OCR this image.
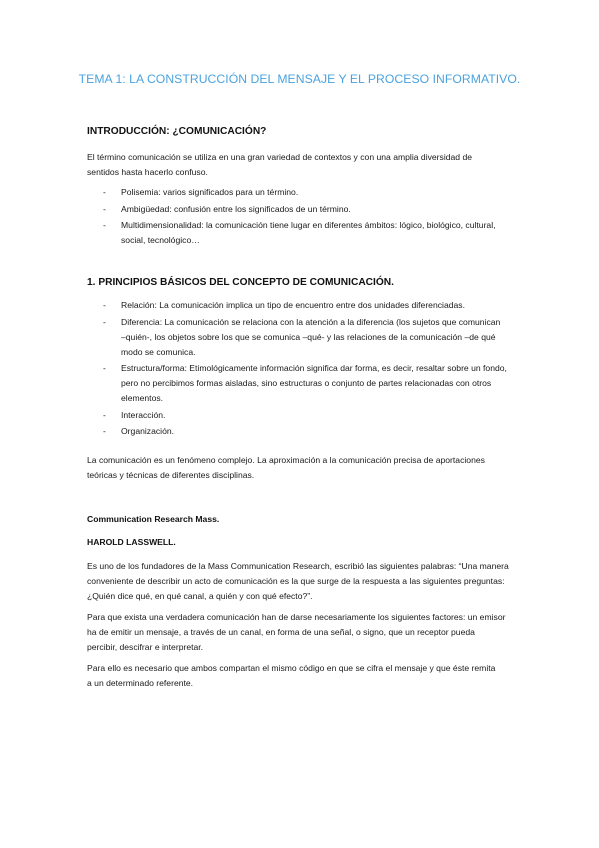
TEMA 1: LA CONSTRUCCIÓN DEL MENSAJE Y EL PROCESO INFORMATIVO.
INTRODUCCIÓN: ¿COMUNICACIÓN?
El término comunicación se utiliza en una gran variedad de contextos y con una amplia diversidad de sentidos hasta hacerlo confuso.
- Polisemia: varios significados para un término.
- Ambigüedad: confusión entre los significados de un término.
- Multidimensionalidad: la comunicación tiene lugar en diferentes ámbitos: lógico, biológico, cultural, social, tecnológico…
1. PRINCIPIOS BÁSICOS DEL CONCEPTO DE COMUNICACIÓN.
- Relación: La comunicación implica un tipo de encuentro entre dos unidades diferenciadas.
- Diferencia: La comunicación se relaciona con la atención a la diferencia (los sujetos que comunican –quién-, los objetos sobre los que se comunica –qué- y las relaciones de la comunicación –de qué modo se comunica.
- Estructura/forma: Etimológicamente información significa dar forma, es decir, resaltar sobre un fondo, pero no percibimos formas aisladas, sino estructuras o conjunto de partes relacionadas con otros elementos.
- Interacción.
- Organización.
La comunicación es un fenómeno complejo. La aproximación a la comunicación precisa de aportaciones teóricas y técnicas de diferentes disciplinas.
Communication Research Mass.
HAROLD LASSWELL.
Es uno de los fundadores de la Mass Communication Research, escribió las siguientes palabras: “Una manera conveniente de describir un acto de comunicación es la que surge de la respuesta a las siguientes preguntas: ¿Quién dice qué, en qué canal, a quién y con qué efecto?”.
Para que exista una verdadera comunicación han de darse necesariamente los siguientes factores: un emisor ha de emitir un mensaje, a través de un canal, en forma de una señal, o signo, que un receptor pueda percibir, descifrar e interpretar.
Para ello es necesario que ambos compartan el mismo código en que se cifra el mensaje y que éste remita a un determinado referente.
